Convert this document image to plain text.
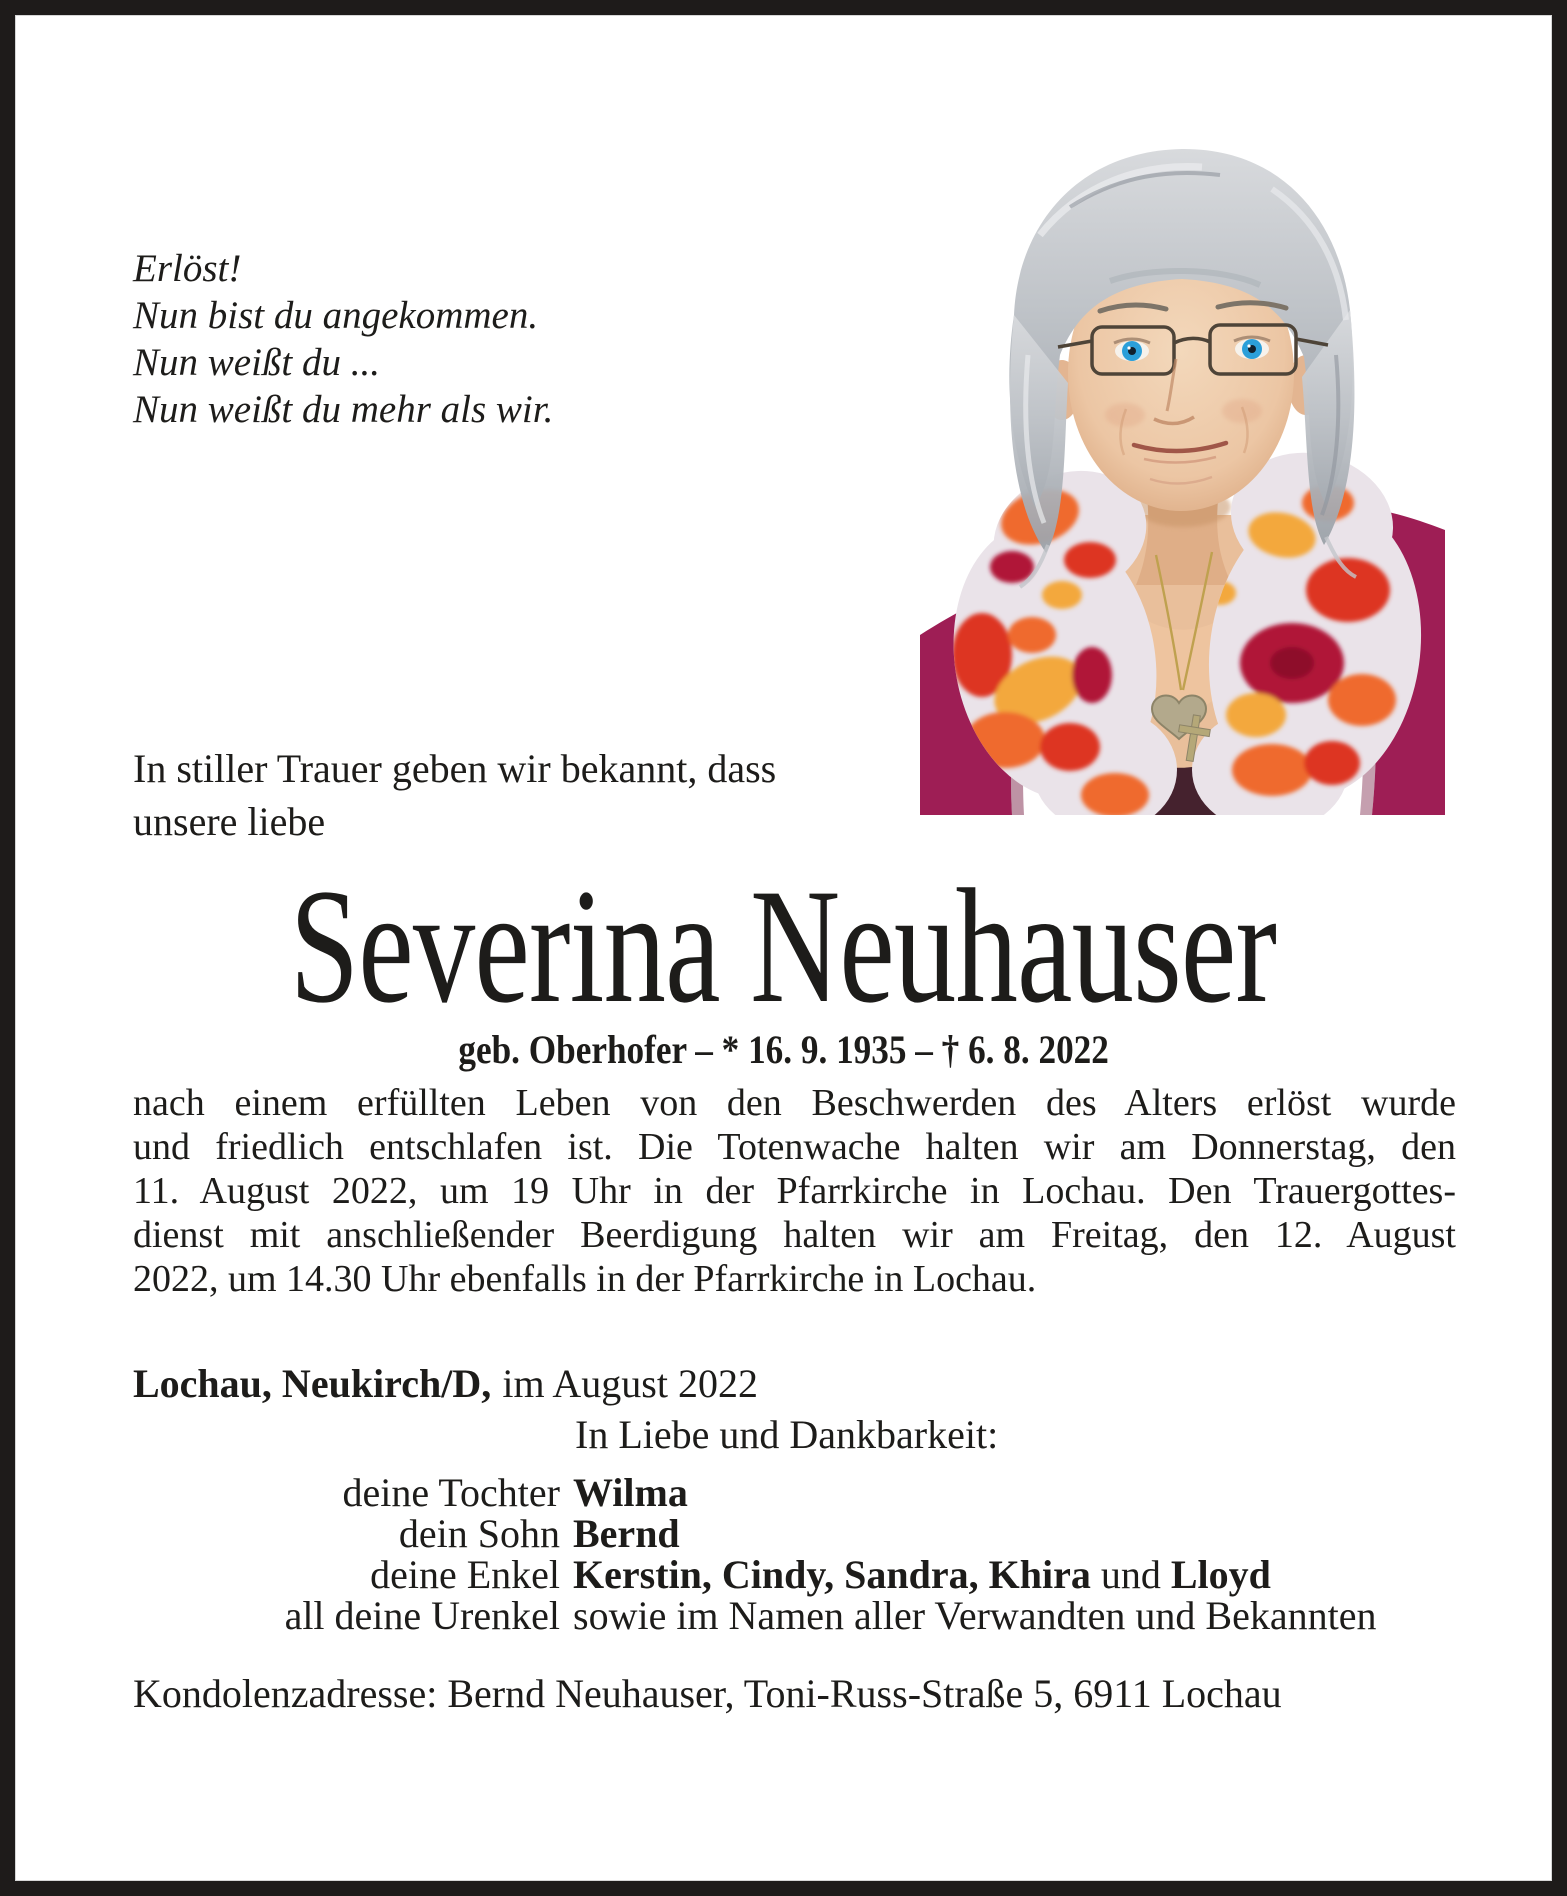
Erlöst!
Nun bist du angekommen.
Nun weißt du ...
Nun weißt du mehr als wir.
In stiller Trauer geben wir bekannt, dass
unsere liebe
Severina Neuhauser
geb. Oberhofer – * 16. 9. 1935 – † 6. 8. 2022
nach einem erfüllten Leben von den Beschwerden des Alters erlöst wurde
und friedlich entschlafen ist. Die Totenwache halten wir am Donnerstag, den
11. August 2022, um 19 Uhr in der Pfarrkirche in Lochau. Den Trauergottes-
dienst mit anschließender Beerdigung halten wir am Freitag, den 12. August
2022, um 14.30 Uhr ebenfalls in der Pfarrkirche in Lochau.
Lochau, Neukirch/D, im August 2022
In Liebe und Dankbarkeit:
deine Tochter Wilma
dein Sohn Bernd
deine Enkel Kerstin, Cindy, Sandra, Khira und Lloyd
all deine Urenkel sowie im Namen aller Verwandten und Bekannten
Kondolenzadresse: Bernd Neuhauser, Toni-Russ-Straße 5, 6911 Lochau
